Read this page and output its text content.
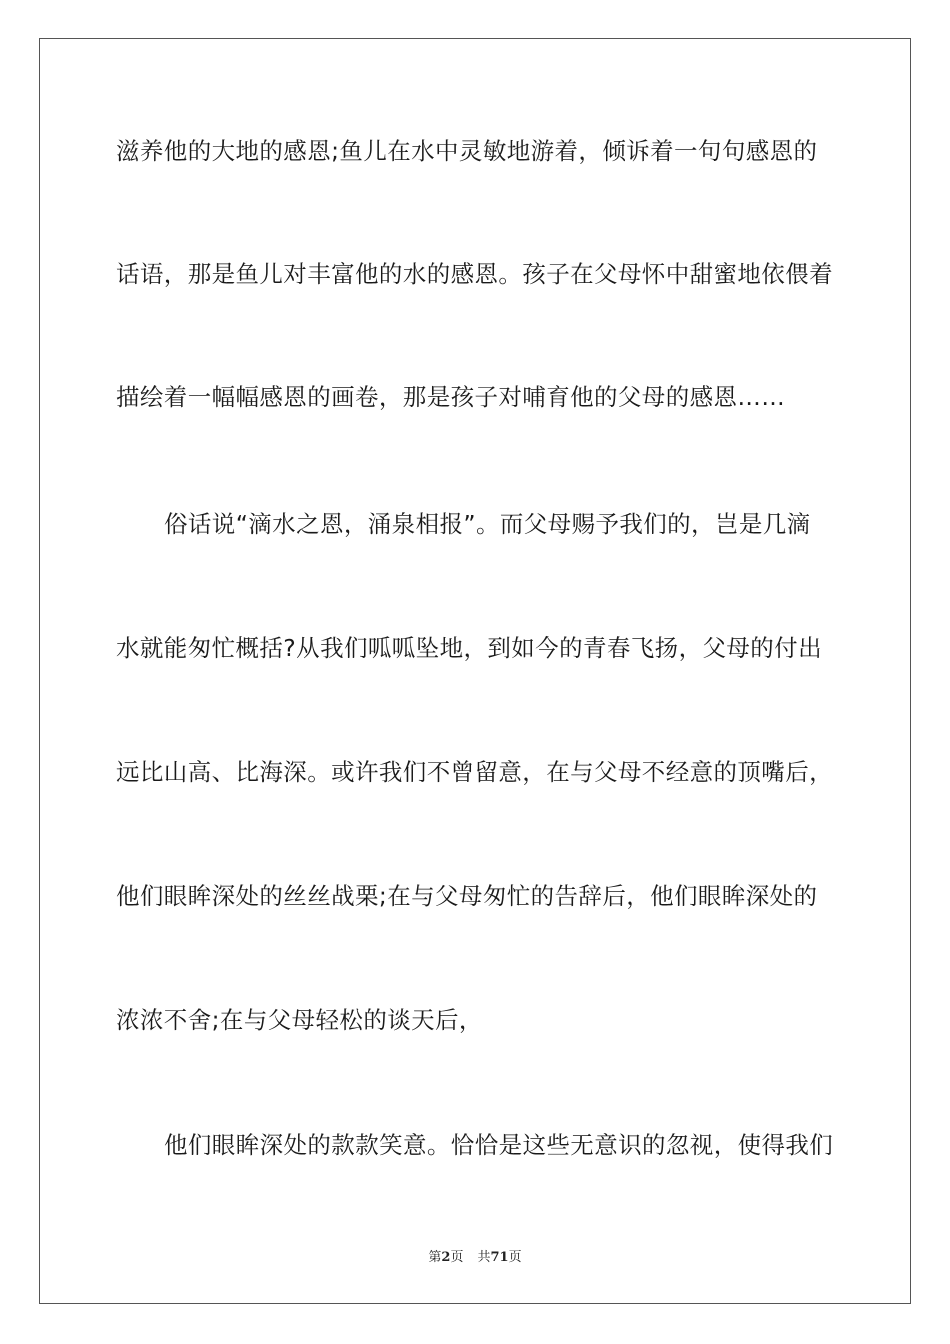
滋养他的大地的感恩;鱼儿在水中灵敏地游着，倾诉着一句句感恩的
话语，那是鱼儿对丰富他的水的感恩。孩子在父母怀中甜蜜地依偎着
描绘着一幅幅感恩的画卷，那是孩子对哺育他的父母的感恩……
俗话说“滴水之恩，涌泉相报”。而父母赐予我们的，岂是几滴
水就能匆忙概括?从我们呱呱坠地，到如今的青春飞扬，父母的付出
远比山高、比海深。或许我们不曾留意，在与父母不经意的顶嘴后，
他们眼眸深处的丝丝战栗;在与父母匆忙的告辞后，他们眼眸深处的
浓浓不舍;在与父母轻松的谈天后，
他们眼眸深处的款款笑意。恰恰是这些无意识的忽视，使得我们
第2页 共71页
